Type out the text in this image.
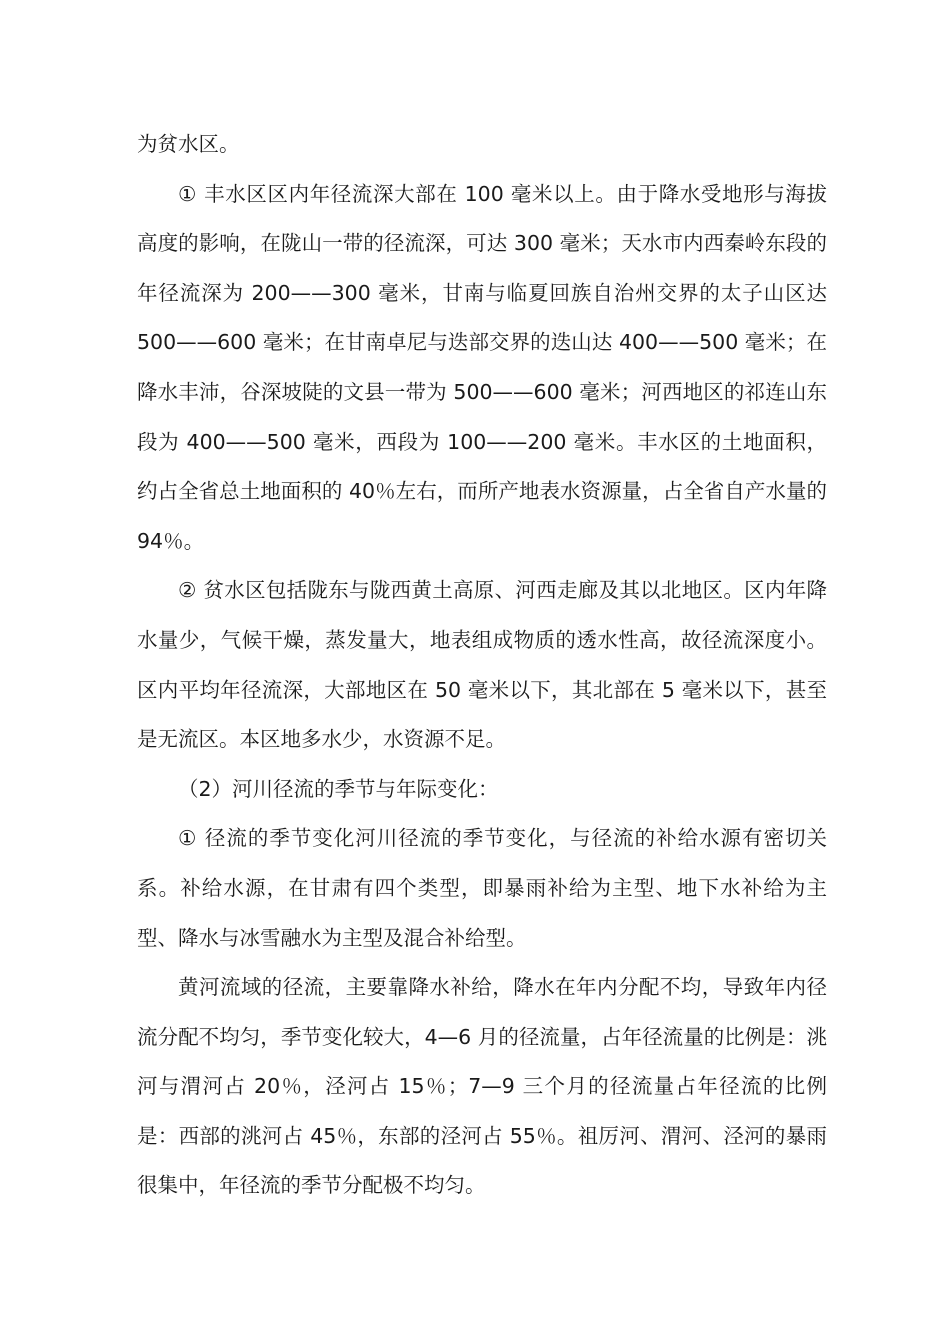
为贫水区。

① 丰水区区内年径流深大部在 100 毫米以上。由于降水受地形与海拔高度的影响，在陇山一带的径流深，可达 300 毫米；天水市内西秦岭东段的年径流深为 200——300 毫米，甘南与临夏回族自治州交界的太子山区达 500——600 毫米；在甘南卓尼与迭部交界的迭山达 400——500 毫米；在降水丰沛，谷深坡陡的文县一带为 500——600 毫米；河西地区的祁连山东段为 400——500 毫米，西段为 100——200 毫米。丰水区的土地面积，约占全省总土地面积的 40％左右，而所产地表水资源量，占全省自产水量的 94％。

② 贫水区包括陇东与陇西黄土高原、河西走廊及其以北地区。区内年降水量少，气候干燥，蒸发量大，地表组成物质的透水性高，故径流深度小。区内平均年径流深，大部地区在 50 毫米以下，其北部在 5 毫米以下，甚至是无流区。本区地多水少，水资源不足。

（2）河川径流的季节与年际变化：

① 径流的季节变化河川径流的季节变化，与径流的补给水源有密切关系。补给水源，在甘肃有四个类型，即暴雨补给为主型、地下水补给为主型、降水与冰雪融水为主型及混合补给型。

黄河流域的径流，主要靠降水补给，降水在年内分配不均，导致年内径流分配不均匀，季节变化较大，4—6 月的径流量，占年径流量的比例是：洮河与渭河占 20％，泾河占 15％；7—9 三个月的径流量占年径流的比例是：西部的洮河占 45％，东部的泾河占 55％。祖厉河、渭河、泾河的暴雨很集中，年径流的季节分配极不均匀。
